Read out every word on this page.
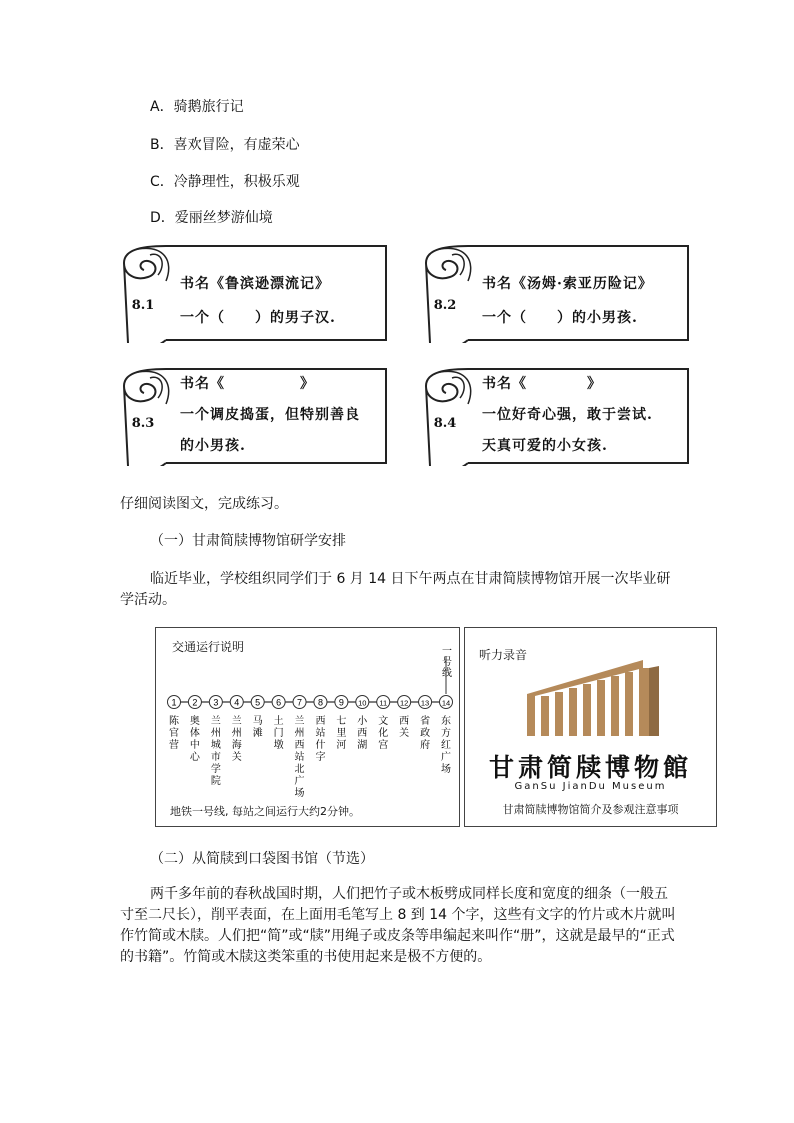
A．骑鹅旅行记
B．喜欢冒险，有虚荣心
C．冷静理性，积极乐观
D．爱丽丝梦游仙境
8.1
书名《鲁滨逊漂流记》
一个（　　）的男子汉.
8.2
书名《汤姆·索亚历险记》
一个（　　）的小男孩.
8.3
书名《　　　　　》
一个调皮捣蛋，但特别善良
的小男孩.
8.4
书名《　　　　》
一位好奇心强，敢于尝试.
天真可爱的小女孩.
仔细阅读图文，完成练习。
（一）甘肃简牍博物馆研学安排
临近毕业，学校组织同学们于 6 月 14 日下午两点在甘肃简牍博物馆开展一次毕业研学活动。
交通运行说明	一号线
1
陈
官
营
2
奥
体
中
心
3
兰
州
城
市
学
院
4
兰
州
海
关
5
马
滩
6
土
门
墩
7
兰
州
西
站
北
广
场
8
西
站
什
字
9
七
里
河
10
小
西
湖
11
文
化
宫
12
西
关
13
省
政
府
14
东
方
红
广
场
地铁一号线, 每站之间运行大约2分钟。
听力录音
甘肃简牍博物館
GanSu JianDu Museum
甘肃简牍博物馆简介及参观注意事项
（二）从简牍到口袋图书馆（节选）
两千多年前的春秋战国时期，人们把竹子或木板劈成同样长度和宽度的细条（一般五寸至二尺长），削平表面，在上面用毛笔写上 8 到 14 个字，这些有文字的竹片或木片就叫作竹简或木牍。人们把“简”或“牍”用绳子或皮条等串编起来叫作“册”，这就是最早的“正式的书籍”。竹简或木牍这类笨重的书使用起来是极不方便的。
